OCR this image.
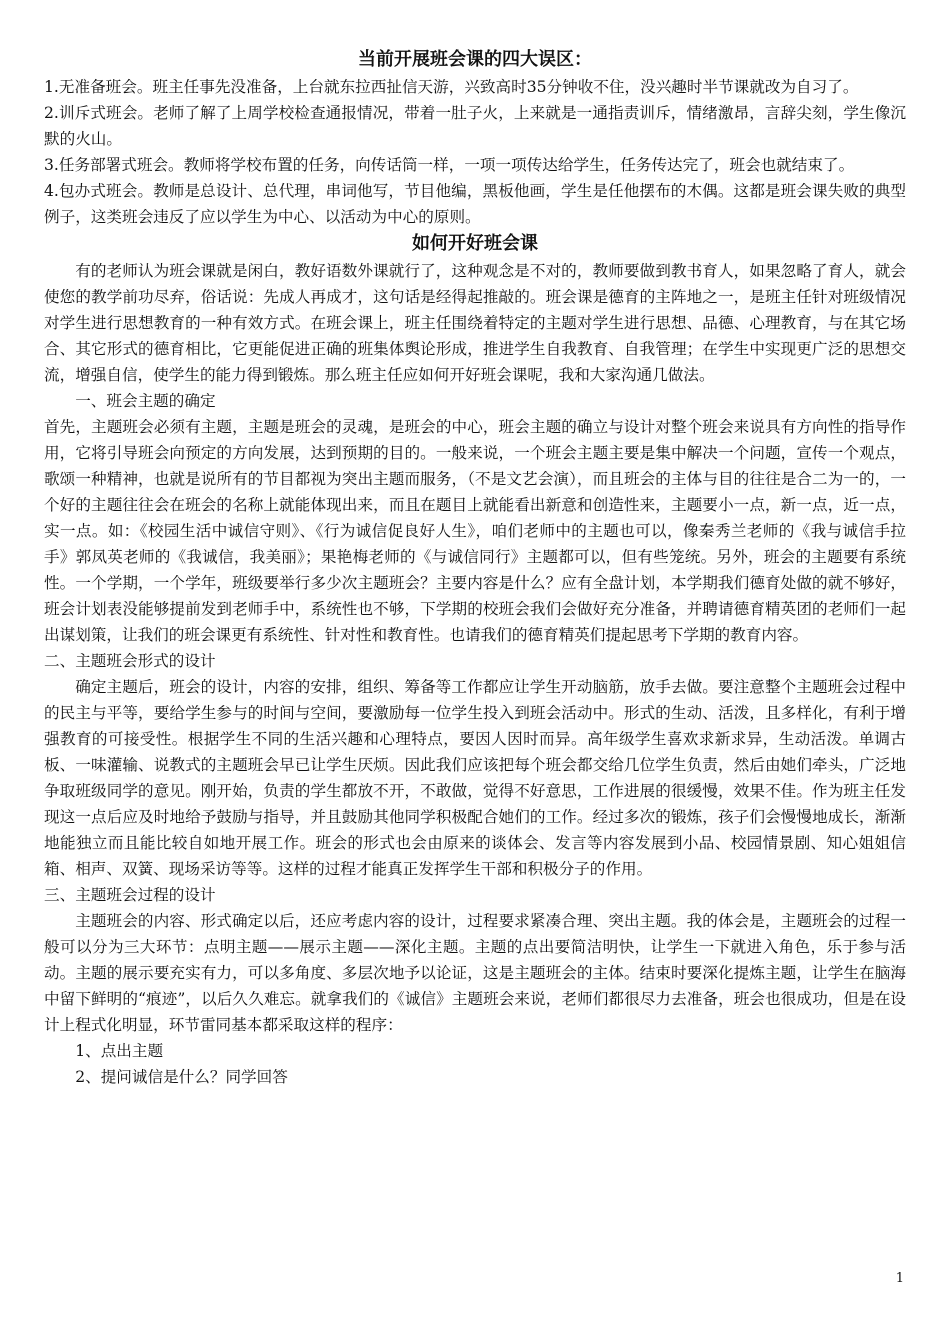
当前开展班会课的四大误区：

1.无准备班会。班主任事先没准备，上台就东拉西扯信天游，兴致高时35分钟收不住，没兴趣时半节课就改为自习了。

2.训斥式班会。老师了解了上周学校检查通报情况，带着一肚子火，上来就是一通指责训斥，情绪激昂，言辞尖刻，学生像沉默的火山。

3.任务部署式班会。教师将学校布置的任务，向传话筒一样，一项一项传达给学生，任务传达完了，班会也就结束了。

4.包办式班会。教师是总设计、总代理，串词他写，节目他编，黑板他画，学生是任他摆布的木偶。这都是班会课失败的典型例子，这类班会违反了应以学生为中心、以活动为中心的原则。

如何开好班会课

有的老师认为班会课就是闲白，教好语数外课就行了，这种观念是不对的，教师要做到教书育人，如果忽略了育人，就会使您的教学前功尽弃，俗话说：先成人再成才，这句话是经得起推敲的。班会课是德育的主阵地之一，是班主任针对班级情况对学生进行思想教育的一种有效方式。在班会课上，班主任围绕着特定的主题对学生进行思想、品德、心理教育，与在其它场合、其它形式的德育相比，它更能促进正确的班集体舆论形成，推进学生自我教育、自我管理；在学生中实现更广泛的思想交流，增强自信，使学生的能力得到锻炼。那么班主任应如何开好班会课呢，我和大家沟通几做法。

一、班会主题的确定

首先，主题班会必须有主题，主题是班会的灵魂，是班会的中心，班会主题的确立与设计对整个班会来说具有方向性的指导作用，它将引导班会向预定的方向发展，达到预期的目的。一般来说，一个班会主题主要是集中解决一个问题，宣传一个观点，歌颂一种精神，也就是说所有的节目都视为突出主题而服务，（不是文艺会演），而且班会的主体与目的往往是合二为一的，一个好的主题往往会在班会的名称上就能体现出来，而且在题目上就能看出新意和创造性来，主题要小一点，新一点，近一点，实一点。如：《校园生活中诚信守则》、《行为诚信促良好人生》，咱们老师中的主题也可以，像秦秀兰老师的《我与诚信手拉手》郭凤英老师的《我诚信，我美丽》；果艳梅老师的《与诚信同行》主题都可以，但有些笼统。另外，班会的主题要有系统性。一个学期，一个学年，班级要举行多少次主题班会？主要内容是什么？应有全盘计划，本学期我们德育处做的就不够好，班会计划表没能够提前发到老师手中，系统性也不够，下学期的校班会我们会做好充分准备，并聘请德育精英团的老师们一起出谋划策，让我们的班会课更有系统性、针对性和教育性。也请我们的德育精英们提起思考下学期的教育内容。

二、主题班会形式的设计

确定主题后，班会的设计，内容的安排，组织、筹备等工作都应让学生开动脑筋，放手去做。要注意整个主题班会过程中的民主与平等，要给学生参与的时间与空间，要激励每一位学生投入到班会活动中。形式的生动、活泼，且多样化，有利于增强教育的可接受性。根据学生不同的生活兴趣和心理特点，要因人因时而异。高年级学生喜欢求新求异，生动活泼。单调古板、一味灌输、说教式的主题班会早已让学生厌烦。因此我们应该把每个班会都交给几位学生负责，然后由她们牵头，广泛地争取班级同学的意见。刚开始，负责的学生都放不开，不敢做，觉得不好意思，工作进展的很缓慢，效果不佳。作为班主任发现这一点后应及时地给予鼓励与指导，并且鼓励其他同学积极配合她们的工作。经过多次的锻炼，孩子们会慢慢地成长，渐渐地能独立而且能比较自如地开展工作。班会的形式也会由原来的谈体会、发言等内容发展到小品、校园情景剧、知心姐姐信箱、相声、双簧、现场采访等等。这样的过程才能真正发挥学生干部和积极分子的作用。

三、主题班会过程的设计

主题班会的内容、形式确定以后，还应考虑内容的设计，过程要求紧凑合理、突出主题。我的体会是，主题班会的过程一般可以分为三大环节：点明主题——展示主题——深化主题。主题的点出要简洁明快，让学生一下就进入角色，乐于参与活动。主题的展示要充实有力，可以多角度、多层次地予以论证，这是主题班会的主体。结束时要深化提炼主题，让学生在脑海中留下鲜明的“痕迹”，以后久久难忘。就拿我们的《诚信》主题班会来说，老师们都很尽力去准备，班会也很成功，但是在设计上程式化明显，环节雷同基本都采取这样的程序：

1、点出主题

2、提问诚信是什么？同学回答

1
